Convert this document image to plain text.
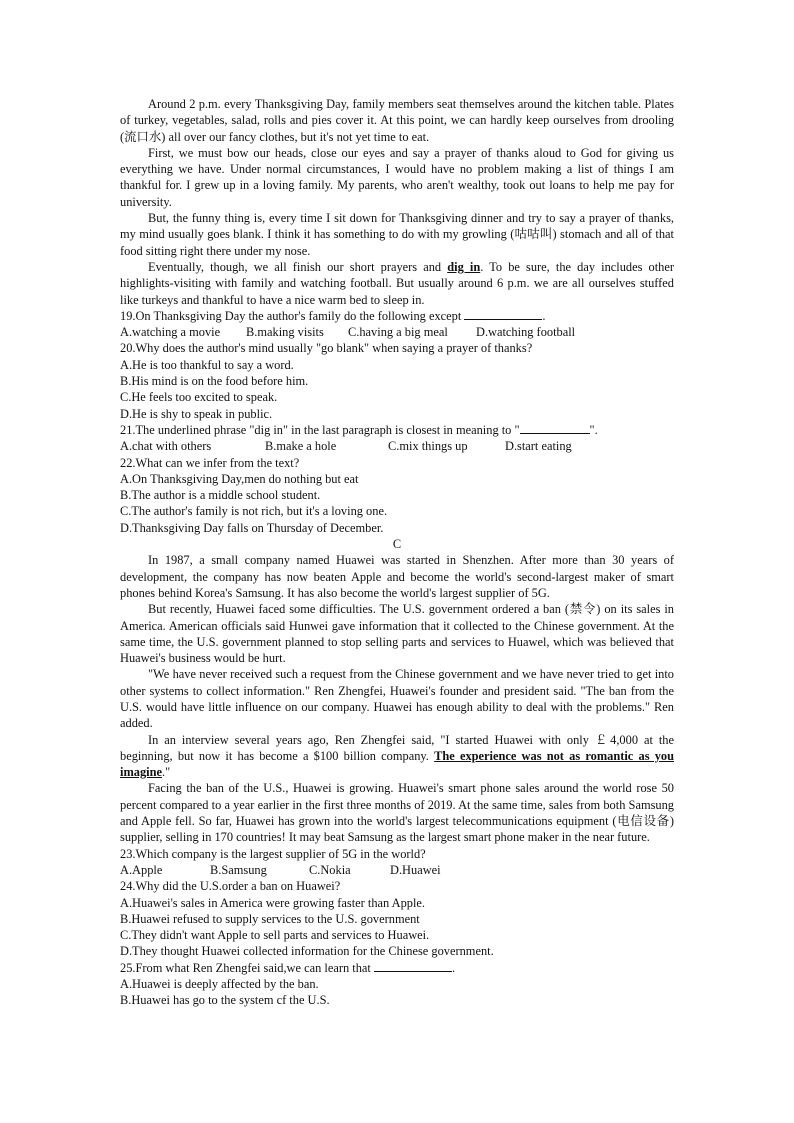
Around 2 p.m. every Thanksgiving Day, family members seat themselves around the kitchen table. Plates of turkey, vegetables, salad, rolls and pies cover it. At this point, we can hardly keep ourselves from drooling (流口水) all over our fancy clothes, but it's not yet time to eat.

First, we must bow our heads, close our eyes and say a prayer of thanks aloud to God for giving us everything we have. Under normal circumstances, I would have no problem making a list of things I am thankful for. I grew up in a loving family. My parents, who aren't wealthy, took out loans to help me pay for university.

But, the funny thing is, every time I sit down for Thanksgiving dinner and try to say a prayer of thanks, my mind usually goes blank. I think it has something to do with my growling (咕咕叫) stomach and all of that food sitting right there under my nose.

Eventually, though, we all finish our short prayers and dig in. To be sure, the day includes other highlights-visiting with family and watching football. But usually around 6 p.m. we are all ourselves stuffed like turkeys and thankful to have a nice warm bed to sleep in.

19.On Thanksgiving Day the author's family do the following except	.

A.watching a movie	B.making visits	C.having a big meal	D.watching football

20.Why does the author's mind usually "go blank" when saying a prayer of thanks?

A.He is too thankful to say a word.

B.His mind is on the food before him.

C.He feels too excited to speak.

D.He is shy to speak in public.

21.The underlined phrase "dig in" in the last paragraph is closest in meaning to "	".

A.chat with others	B.make a hole	C.mix things up	D.start eating

22.What can we infer from the text?

A.On Thanksgiving Day,men do nothing but eat

B.The author is a middle school student.

C.The author's family is not rich, but it's a loving one.

D.Thanksgiving Day falls on Thursday of December.

C

In 1987, a small company named Huawei was started in Shenzhen. After more than 30 years of development, the company has now beaten Apple and become the world's second-largest maker of smart phones behind Korea's Samsung. It has also become the world's largest supplier of 5G.

But recently, Huawei faced some difficulties. The U.S. government ordered a ban (禁令) on its sales in America. American officials said Hunwei gave information that it collected to the Chinese government. At the same time, the U.S. government planned to stop selling parts and services to Huawel, which was believed that Huawei's business would be hurt.

"We have never received such a request from the Chinese government and we have never tried to get into other systems to collect information." Ren Zhengfei, Huawei's founder and president said. "The ban from the U.S. would have little influence on our company. Huawei has enough ability to deal with the problems." Ren added.

In an interview several years ago, Ren Zhengfei said, "I started Huawei with only ￡4,000 at the beginning, but now it has become a $100 billion company. The experience was not as romantic as you imagine."

Facing the ban of the U.S., Huawei is growing. Huawei's smart phone sales around the world rose 50 percent compared to a year earlier in the first three months of 2019. At the same time, sales from both Samsung and Apple fell. So far, Huawei has grown into the world's largest telecommunications equipment (电信设备) supplier, selling in 170 countries! It may beat Samsung as the largest smart phone maker in the near future.

23.Which company is the largest supplier of 5G in the world?

A.Apple	B.Samsung	C.Nokia	D.Huawei

24.Why did the U.S.order a ban on Huawei?

A.Huawei's sales in America were growing faster than Apple.

B.Huawei refused to supply services to the U.S. government

C.They didn't want Apple to sell parts and services to Huawei.

D.They thought Huawei collected information for the Chinese government.

25.From what Ren Zhengfei said,we can learn that	.

A.Huawei is deeply affected by the ban.

B.Huawei has go to the system cf the U.S.
